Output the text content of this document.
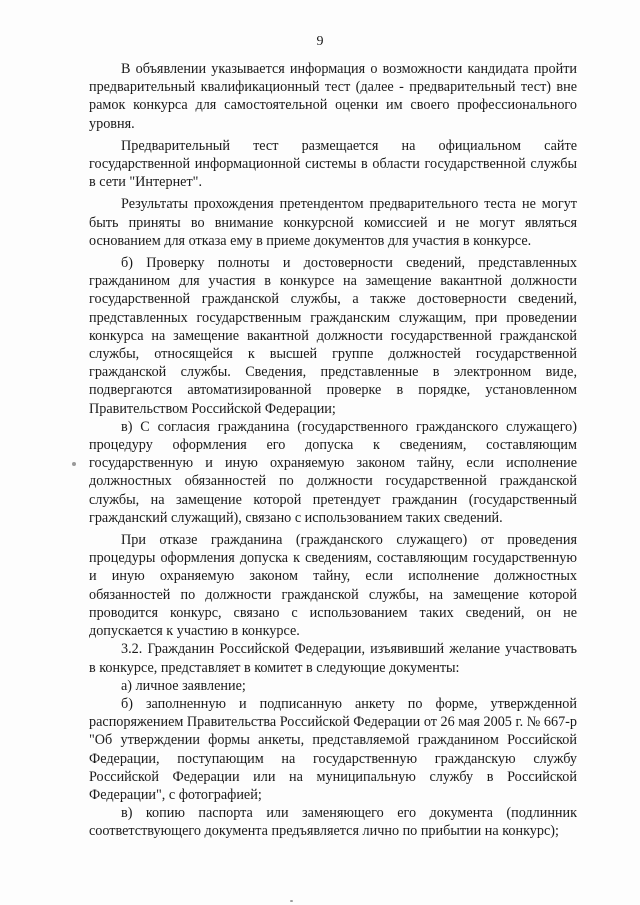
9

В объявлении указывается информация о возможности кандидата пройти предварительный квалификационный тест (далее - предварительный тест) вне рамок конкурса для самостоятельной оценки им своего профессионального уровня.

Предварительный тест размещается на официальном сайте государственной информационной системы в области государственной службы в сети "Интернет".

Результаты прохождения претендентом предварительного теста не могут быть приняты во внимание конкурсной комиссией и не могут являться основанием для отказа ему в приеме документов для участия в конкурсе.

б) Проверку полноты и достоверности сведений, представленных гражданином для участия в конкурсе на замещение вакантной должности государственной гражданской службы, а также достоверности сведений, представленных государственным гражданским служащим, при проведении конкурса на замещение вакантной должности государственной гражданской службы, относящейся к высшей группе должностей государственной гражданской службы. Сведения, представленные в электронном виде, подвергаются автоматизированной проверке в порядке, установленном Правительством Российской Федерации;

в) С согласия гражданина (государственного гражданского служащего) процедуру оформления его допуска к сведениям, составляющим государственную и иную охраняемую законом тайну, если исполнение должностных обязанностей по должности государственной гражданской службы, на замещение которой претендует гражданин (государственный гражданский служащий), связано с использованием таких сведений.

При отказе гражданина (гражданского служащего) от проведения процедуры оформления допуска к сведениям, составляющим государственную и иную охраняемую законом тайну, если исполнение должностных обязанностей по должности гражданской службы, на замещение которой проводится конкурс, связано с использованием таких сведений, он не допускается к участию в конкурсе.

3.2. Гражданин Российской Федерации, изъявивший желание участвовать в конкурсе, представляет в комитет в следующие документы:

а) личное заявление;

б) заполненную и подписанную анкету по форме, утвержденной распоряжением Правительства Российской Федерации от 26 мая 2005 г. № 667-р "Об утверждении формы анкеты, представляемой гражданином Российской Федерации, поступающим на государственную гражданскую службу Российской Федерации или на муниципальную службу в Российской Федерации", с фотографией;

в) копию паспорта или заменяющего его документа (подлинник соответствующего документа предъявляется лично по прибытии на конкурс);
